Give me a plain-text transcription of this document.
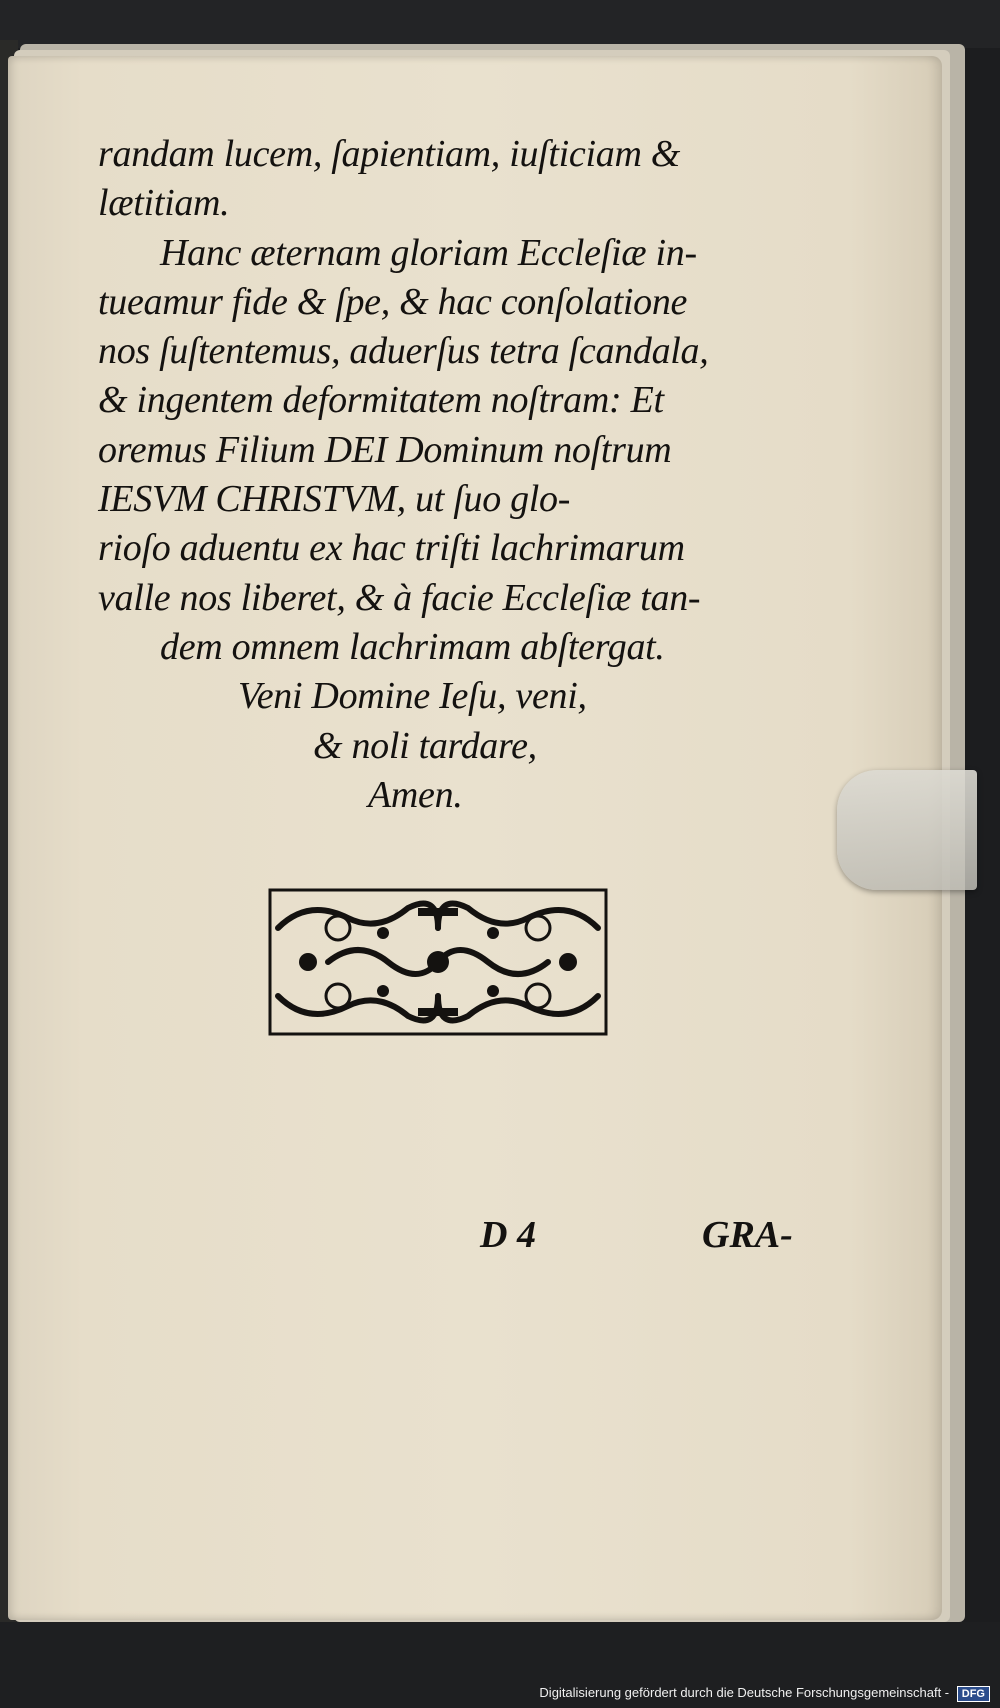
randam lucem, ſapientiam, iuſticiam &
lætitiam.
Hanc æternam gloriam Eccleſiæ in-
tueamur fide & ſpe, & hac conſolatione
nos ſuſtentemus, aduerſus tetra ſcandala,
& ingentem deformitatem noſtram: Et
oremus Filium DEI Dominum noſtrum
IESVM CHRISTVM, ut ſuo glo-
rioſo aduentu ex hac triſti lachrimarum
valle nos liberet, & à facie Eccleſiæ tan-
dem omnem lachrimam abſtergat.
Veni Domine Ieſu, veni,
& noli tardare,
Amen.
D 4	GRA-
Digitalisierung gefördert durch die Deutsche Forschungsgemeinschaft - DFG
